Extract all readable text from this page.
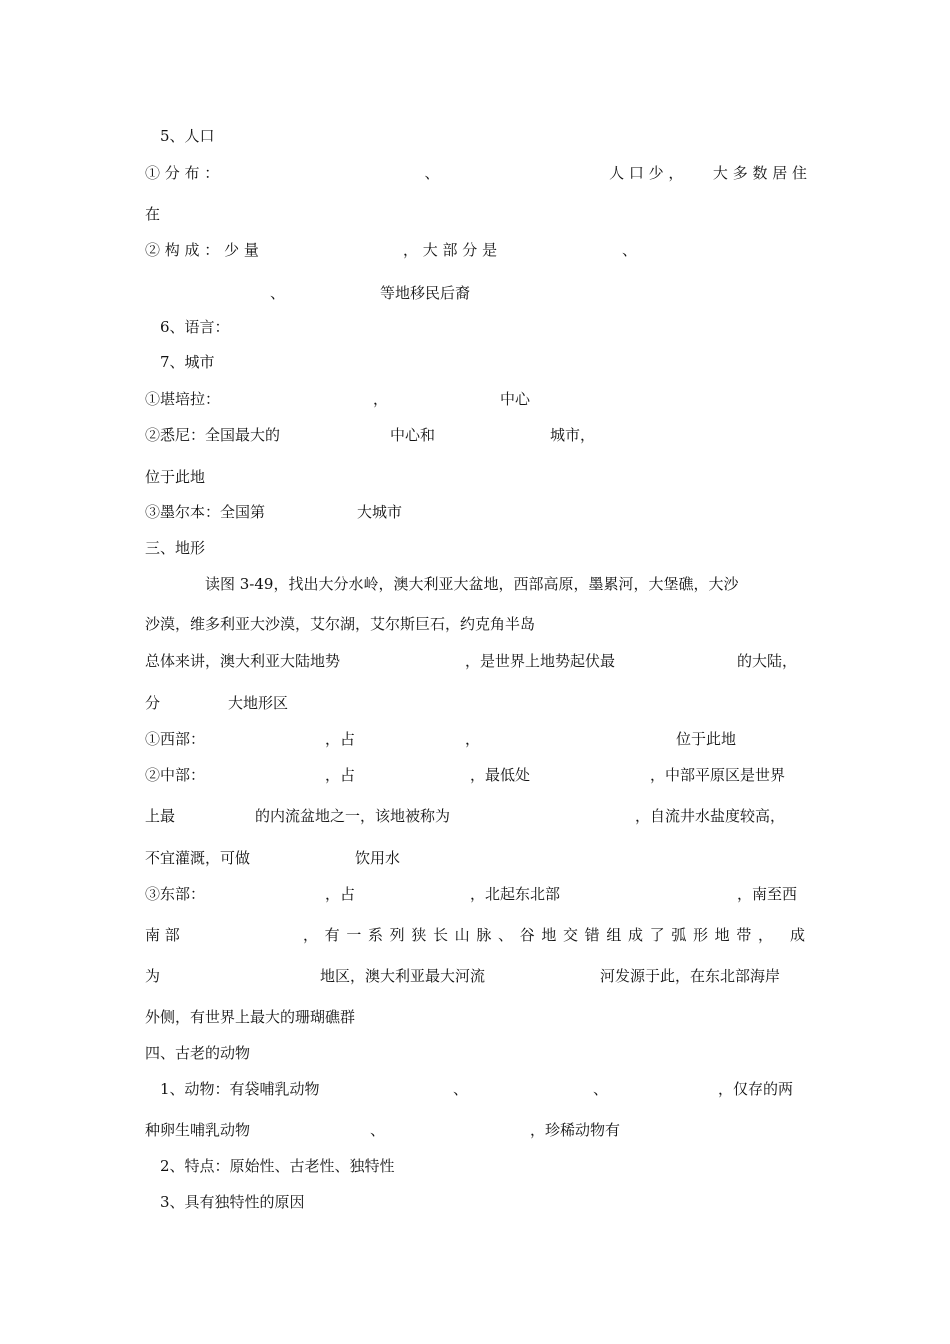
5、人口
① 分 布 ：	、	人 口 少 ， 大 多 数 居 住
在
② 构 成 ： 少 量	， 大 部 分 是	、
、	等地移民后裔
6、语言：
7、城市
①堪培拉：	，	中心
②悉尼：全国最大的	中心和	城市，
位于此地
③墨尔本：全国第	大城市
三、地形
读图 3-49，找出大分水岭，澳大利亚大盆地，西部高原，墨累河，大堡礁，大沙
沙漠，维多利亚大沙漠，艾尔湖，艾尔斯巨石，约克角半岛
总体来讲，澳大利亚大陆地势	，是世界上地势起伏最	的大陆，
分	大地形区
①西部：	，占	，	位于此地
②中部：	，占	，最低处	，中部平原区是世界
上最	的内流盆地之一，该地被称为	，自流井水盐度较高，
不宜灌溉，可做	饮用水
③东部：	，占	，北起东北部	，南至西
南 部	， 有 一 系 列 狭 长 山 脉 、 谷 地 交 错 组 成 了 弧 形 地 带 ， 成
为	地区，澳大利亚最大河流	河发源于此，在东北部海岸
外侧，有世界上最大的珊瑚礁群
四、古老的动物
1、动物：有袋哺乳动物	、	、	，仅存的两
种卵生哺乳动物	、	，珍稀动物有
2、特点：原始性、古老性、独特性
3、具有独特性的原因
